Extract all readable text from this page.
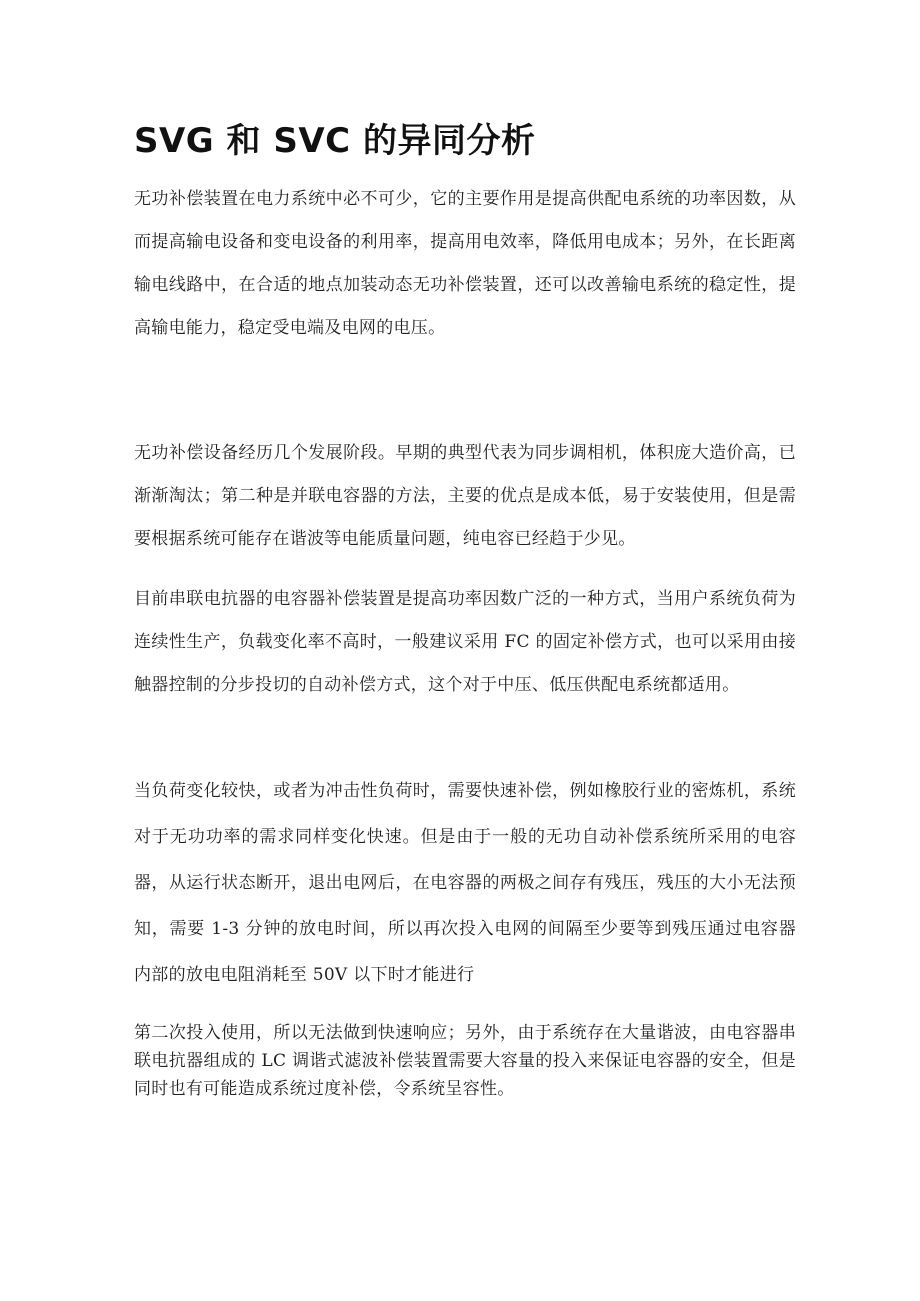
SVG 和 SVC 的异同分析

无功补偿装置在电力系统中必不可少，它的主要作用是提高供配电系统的功率因数，从而提高输电设备和变电设备的利用率，提高用电效率，降低用电成本；另外，在长距离输电线路中，在合适的地点加装动态无功补偿装置，还可以改善输电系统的稳定性，提高输电能力，稳定受电端及电网的电压。

无功补偿设备经历几个发展阶段。早期的典型代表为同步调相机，体积庞大造价高，已渐渐淘汰；第二种是并联电容器的方法，主要的优点是成本低，易于安装使用，但是需要根据系统可能存在谐波等电能质量问题，纯电容已经趋于少见。

目前串联电抗器的电容器补偿装置是提高功率因数广泛的一种方式，当用户系统负荷为连续性生产，负载变化率不高时，一般建议采用 FC 的固定补偿方式，也可以采用由接触器控制的分步投切的自动补偿方式，这个对于中压、低压供配电系统都适用。

当负荷变化较快，或者为冲击性负荷时，需要快速补偿，例如橡胶行业的密炼机，系统对于无功功率的需求同样变化快速。但是由于一般的无功自动补偿系统所采用的电容器，从运行状态断开，退出电网后，在电容器的两极之间存有残压，残压的大小无法预知，需要 1-3 分钟的放电时间，所以再次投入电网的间隔至少要等到残压通过电容器内部的放电电阻消耗至 50V 以下时才能进行

第二次投入使用，所以无法做到快速响应；另外，由于系统存在大量谐波，由电容器串联电抗器组成的 LC 调谐式滤波补偿装置需要大容量的投入来保证电容器的安全，但是同时也有可能造成系统过度补偿，令系统呈容性。
